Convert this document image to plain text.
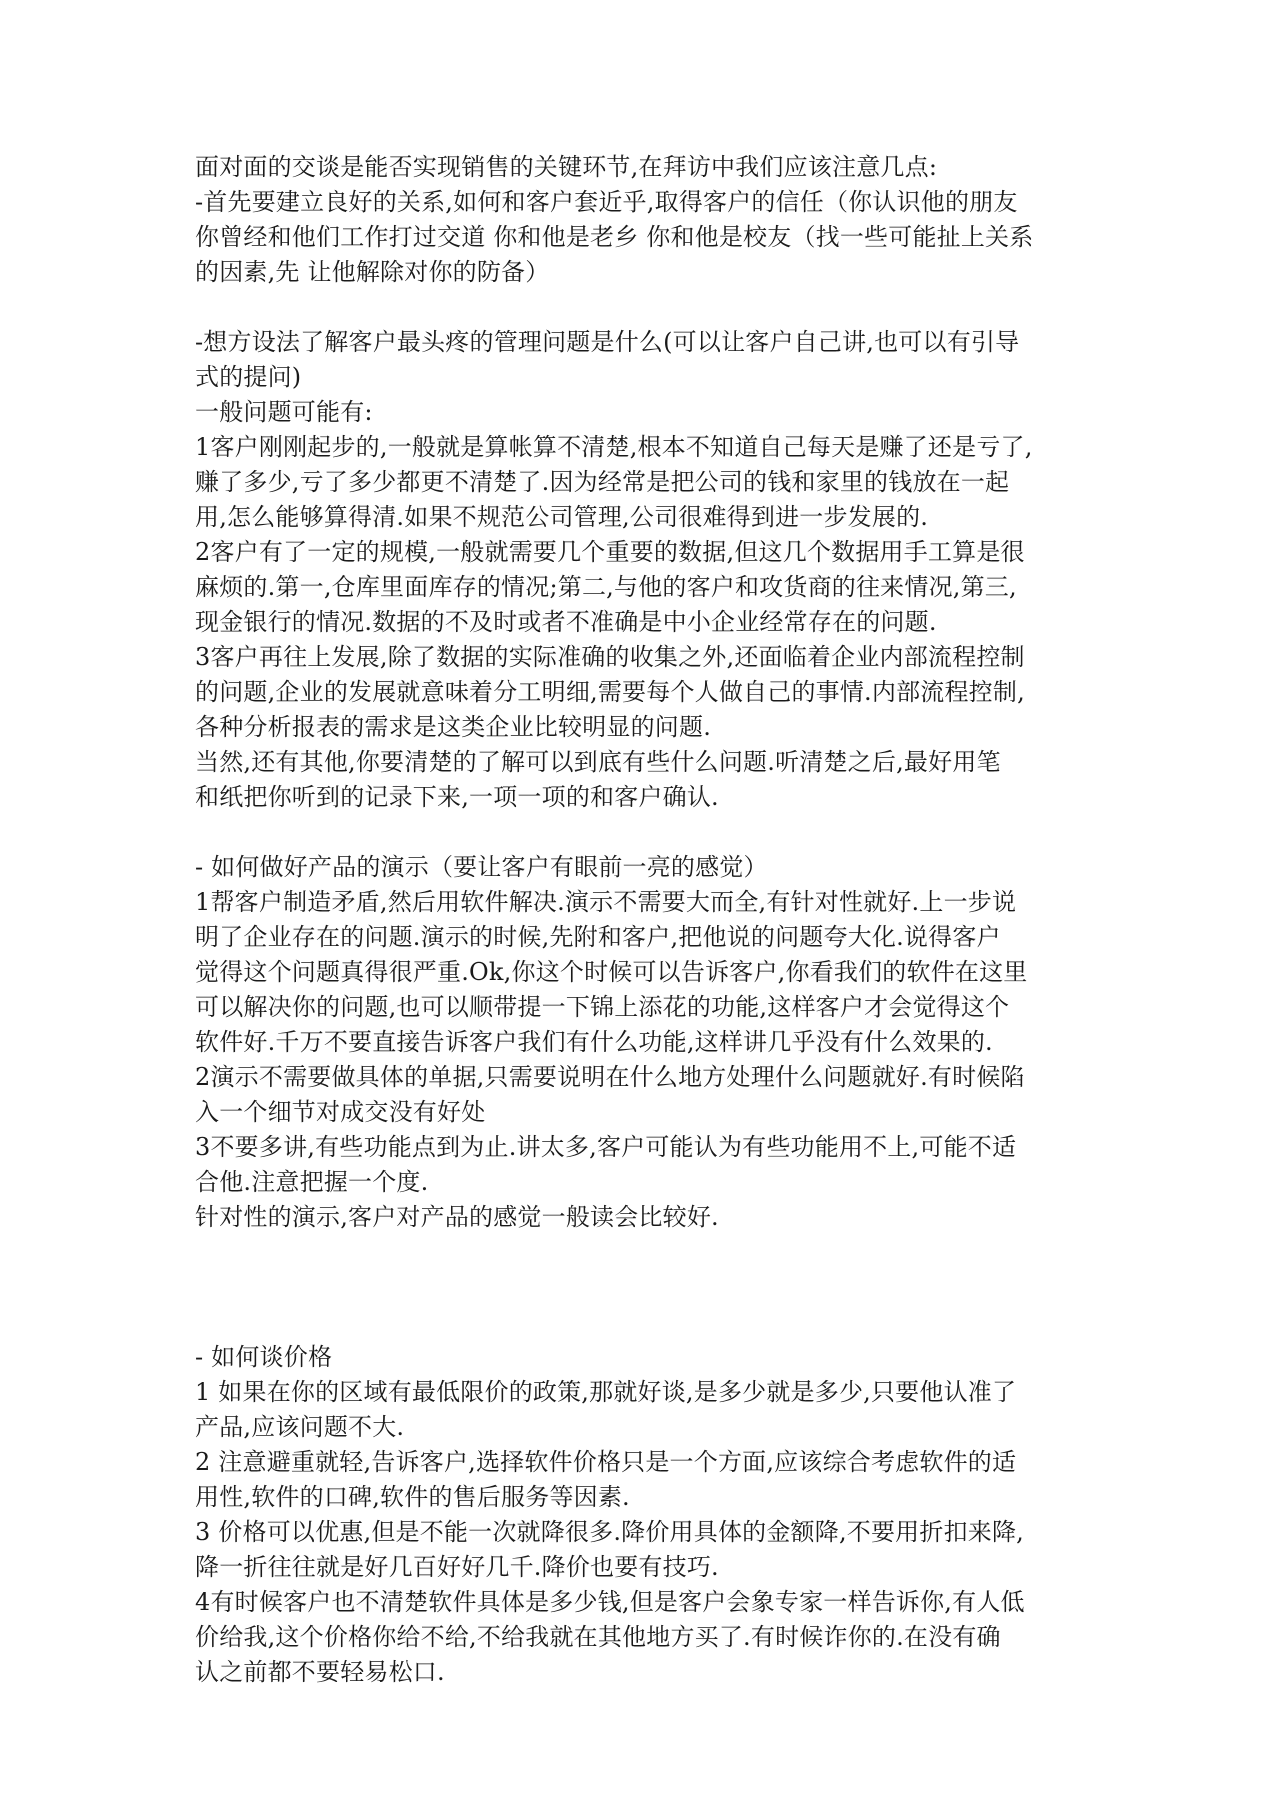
面对面的交谈是能否实现销售的关键环节,在拜访中我们应该注意几点:
-首先要建立良好的关系,如何和客户套近乎,取得客户的信任（你认识他的朋友
你曾经和他们工作打过交道 你和他是老乡 你和他是校友（找一些可能扯上关系
的因素,先 让他解除对你的防备）
-想方设法了解客户最头疼的管理问题是什么(可以让客户自己讲,也可以有引导
式的提问)
一般问题可能有:
1客户刚刚起步的,一般就是算帐算不清楚,根本不知道自己每天是赚了还是亏了,
赚了多少,亏了多少都更不清楚了.因为经常是把公司的钱和家里的钱放在一起
用,怎么能够算得清.如果不规范公司管理,公司很难得到进一步发展的.
2客户有了一定的规模,一般就需要几个重要的数据,但这几个数据用手工算是很
麻烦的.第一,仓库里面库存的情况;第二,与他的客户和攻货商的往来情况,第三,
现金银行的情况.数据的不及时或者不准确是中小企业经常存在的问题.
3客户再往上发展,除了数据的实际准确的收集之外,还面临着企业内部流程控制
的问题,企业的发展就意味着分工明细,需要每个人做自己的事情.内部流程控制,
各种分析报表的需求是这类企业比较明显的问题.
当然,还有其他,你要清楚的了解可以到底有些什么问题.听清楚之后,最好用笔
和纸把你听到的记录下来,一项一项的和客户确认.
- 如何做好产品的演示（要让客户有眼前一亮的感觉）
1帮客户制造矛盾,然后用软件解决.演示不需要大而全,有针对性就好.上一步说
明了企业存在的问题.演示的时候,先附和客户,把他说的问题夸大化.说得客户
觉得这个问题真得很严重.Ok,你这个时候可以告诉客户,你看我们的软件在这里
可以解决你的问题,也可以顺带提一下锦上添花的功能,这样客户才会觉得这个
软件好.千万不要直接告诉客户我们有什么功能,这样讲几乎没有什么效果的.
2演示不需要做具体的单据,只需要说明在什么地方处理什么问题就好.有时候陷
入一个细节对成交没有好处
3不要多讲,有些功能点到为止.讲太多,客户可能认为有些功能用不上,可能不适
合他.注意把握一个度.
针对性的演示,客户对产品的感觉一般读会比较好.
- 如何谈价格
1 如果在你的区域有最低限价的政策,那就好谈,是多少就是多少,只要他认准了
产品,应该问题不大.
2 注意避重就轻,告诉客户,选择软件价格只是一个方面,应该综合考虑软件的适
用性,软件的口碑,软件的售后服务等因素.
3 价格可以优惠,但是不能一次就降很多.降价用具体的金额降,不要用折扣来降,
降一折往往就是好几百好好几千.降价也要有技巧.
4有时候客户也不清楚软件具体是多少钱,但是客户会象专家一样告诉你,有人低
价给我,这个价格你给不给,不给我就在其他地方买了.有时候诈你的.在没有确
认之前都不要轻易松口.
